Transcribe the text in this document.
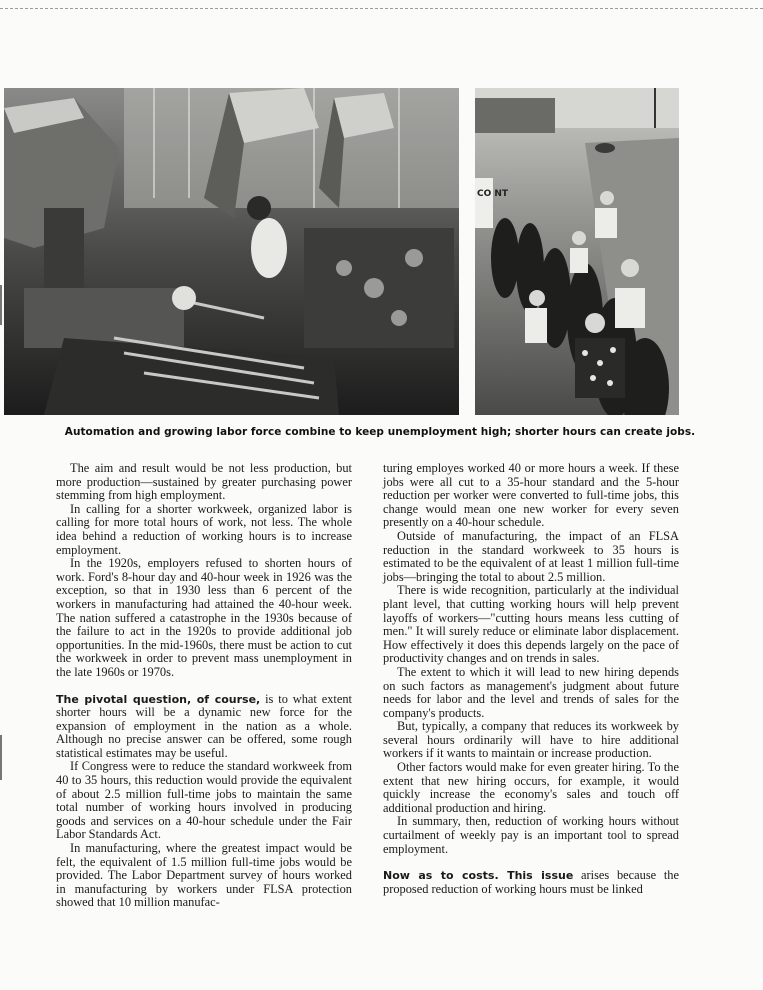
CO NT
Automation and growing labor force combine to keep unemployment high; shorter hours can create jobs.

The aim and result would be not less production, but more production—sustained by greater purchasing power stemming from high employment.

In calling for a shorter workweek, organized labor is calling for more total hours of work, not less. The whole idea behind a reduction of working hours is to increase employment.

In the 1920s, employers refused to shorten hours of work. Ford's 8-hour day and 40-hour week in 1926 was the exception, so that in 1930 less than 6 percent of the workers in manufacturing had attained the 40-hour week. The nation suffered a catastrophe in the 1930s because of the failure to act in the 1920s to provide additional job opportunities. In the mid-1960s, there must be action to cut the workweek in order to prevent mass unemployment in the late 1960s or 1970s.

The pivotal question, of course, is to what extent shorter hours will be a dynamic new force for the expansion of employment in the nation as a whole. Although no precise answer can be offered, some rough statistical estimates may be useful.

If Congress were to reduce the standard workweek from 40 to 35 hours, this reduction would provide the equivalent of about 2.5 million full-time jobs to maintain the same total number of working hours involved in producing goods and services on a 40-hour schedule under the Fair Labor Standards Act.

In manufacturing, where the greatest impact would be felt, the equivalent of 1.5 million full-time jobs would be provided. The Labor Department survey of hours worked in manufacturing by workers under FLSA protection showed that 10 million manufac-

turing employes worked 40 or more hours a week. If these jobs were all cut to a 35-hour standard and the 5-hour reduction per worker were converted to full-time jobs, this change would mean one new worker for every seven presently on a 40-hour schedule.

Outside of manufacturing, the impact of an FLSA reduction in the standard workweek to 35 hours is estimated to be the equivalent of at least 1 million full-time jobs—bringing the total to about 2.5 million.

There is wide recognition, particularly at the individual plant level, that cutting working hours will help prevent layoffs of workers—"cutting hours means less cutting of men." It will surely reduce or eliminate labor displacement. How effectively it does this depends largely on the pace of productivity changes and on trends in sales.

The extent to which it will lead to new hiring depends on such factors as management's judgment about future needs for labor and the level and trends of sales for the company's products.

But, typically, a company that reduces its workweek by several hours ordinarily will have to hire additional workers if it wants to maintain or increase production.

Other factors would make for even greater hiring. To the extent that new hiring occurs, for example, it would quickly increase the economy's sales and touch off additional production and hiring.

In summary, then, reduction of working hours without curtailment of weekly pay is an important tool to spread employment.

Now as to costs. This issue arises because the proposed reduction of working hours must be linked
